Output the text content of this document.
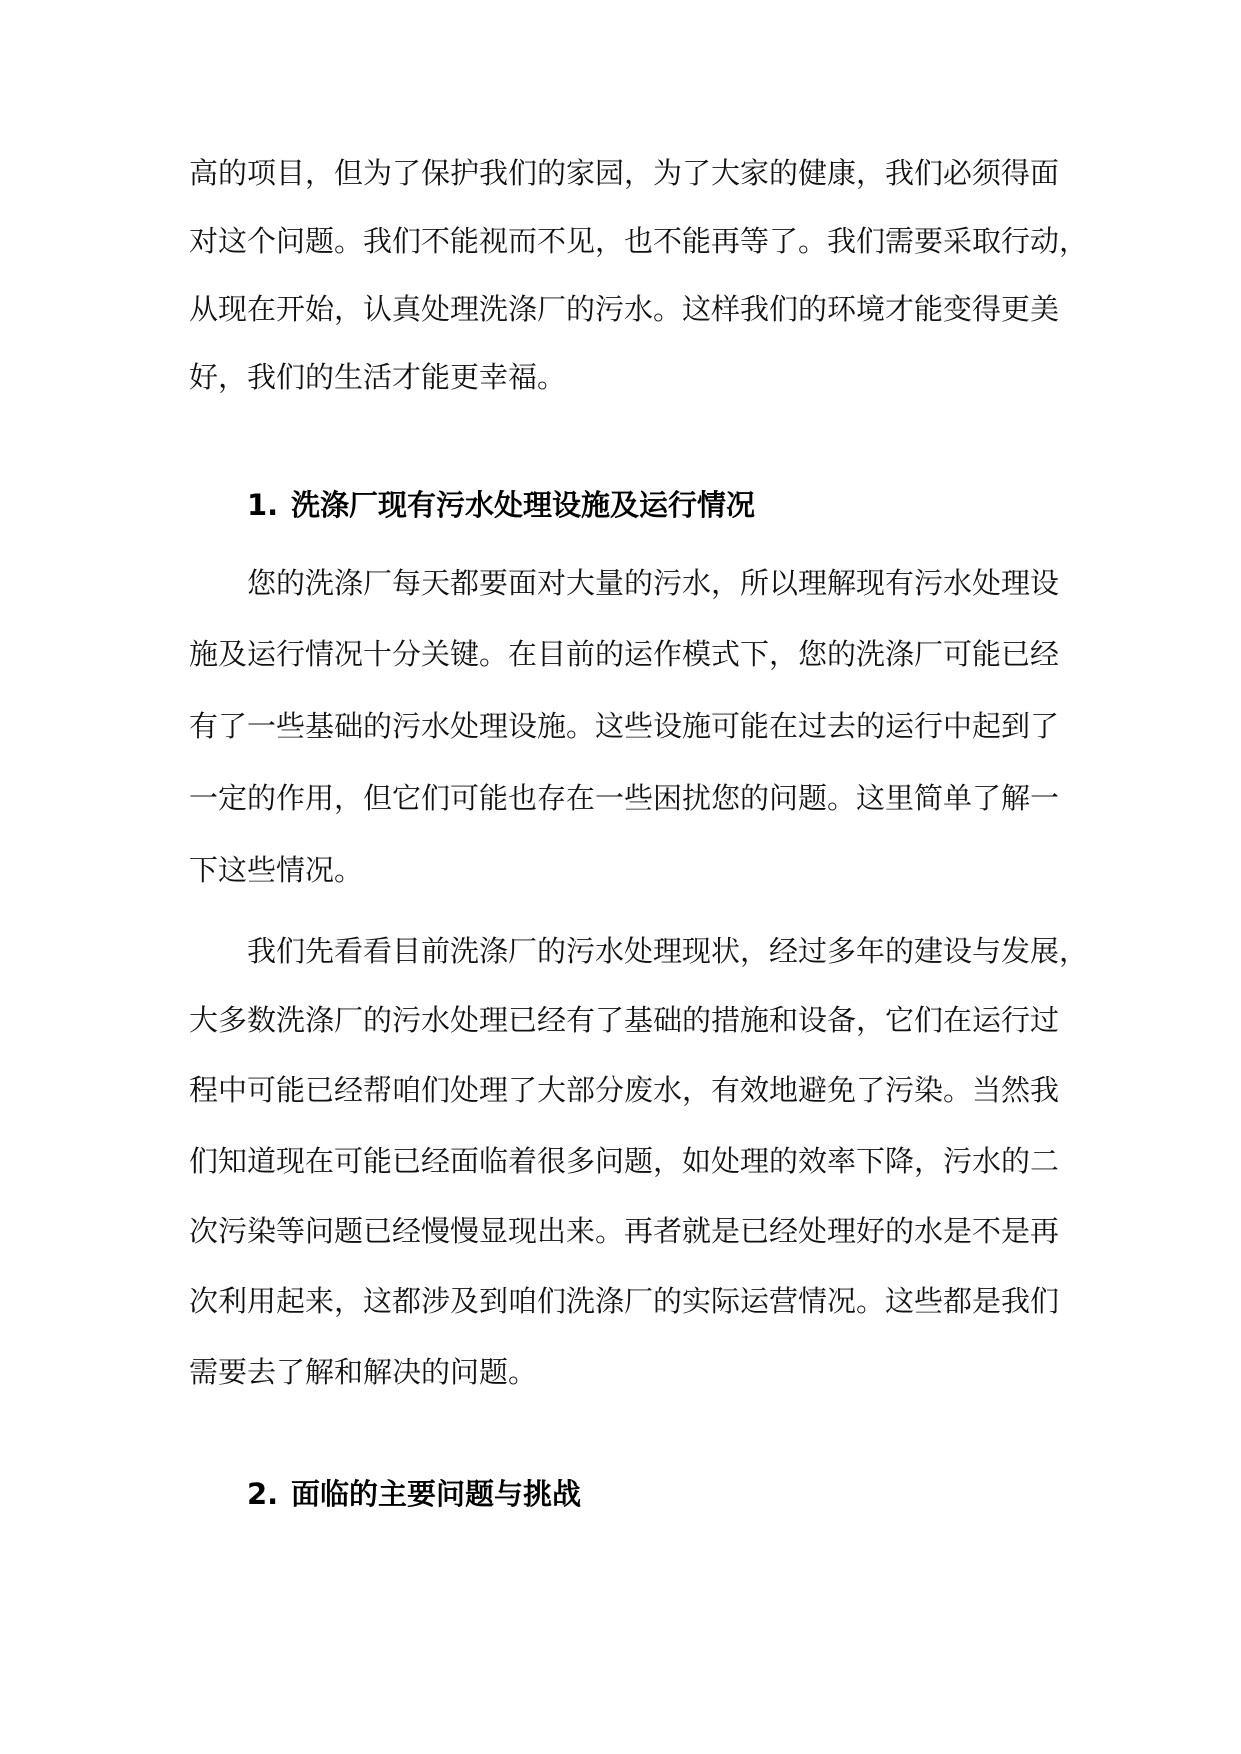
高的项目，但为了保护我们的家园，为了大家的健康，我们必须得面
对这个问题。我们不能视而不见，也不能再等了。我们需要采取行动，
从现在开始，认真处理洗涤厂的污水。这样我们的环境才能变得更美
好，我们的生活才能更幸福。
1. 洗涤厂现有污水处理设施及运行情况
您的洗涤厂每天都要面对大量的污水，所以理解现有污水处理设
施及运行情况十分关键。在目前的运作模式下，您的洗涤厂可能已经
有了一些基础的污水处理设施。这些设施可能在过去的运行中起到了
一定的作用，但它们可能也存在一些困扰您的问题。这里简单了解一
下这些情况。
我们先看看目前洗涤厂的污水处理现状，经过多年的建设与发展，
大多数洗涤厂的污水处理已经有了基础的措施和设备，它们在运行过
程中可能已经帮咱们处理了大部分废水，有效地避免了污染。当然我
们知道现在可能已经面临着很多问题，如处理的效率下降，污水的二
次污染等问题已经慢慢显现出来。再者就是已经处理好的水是不是再
次利用起来，这都涉及到咱们洗涤厂的实际运营情况。这些都是我们
需要去了解和解决的问题。
2. 面临的主要问题与挑战
